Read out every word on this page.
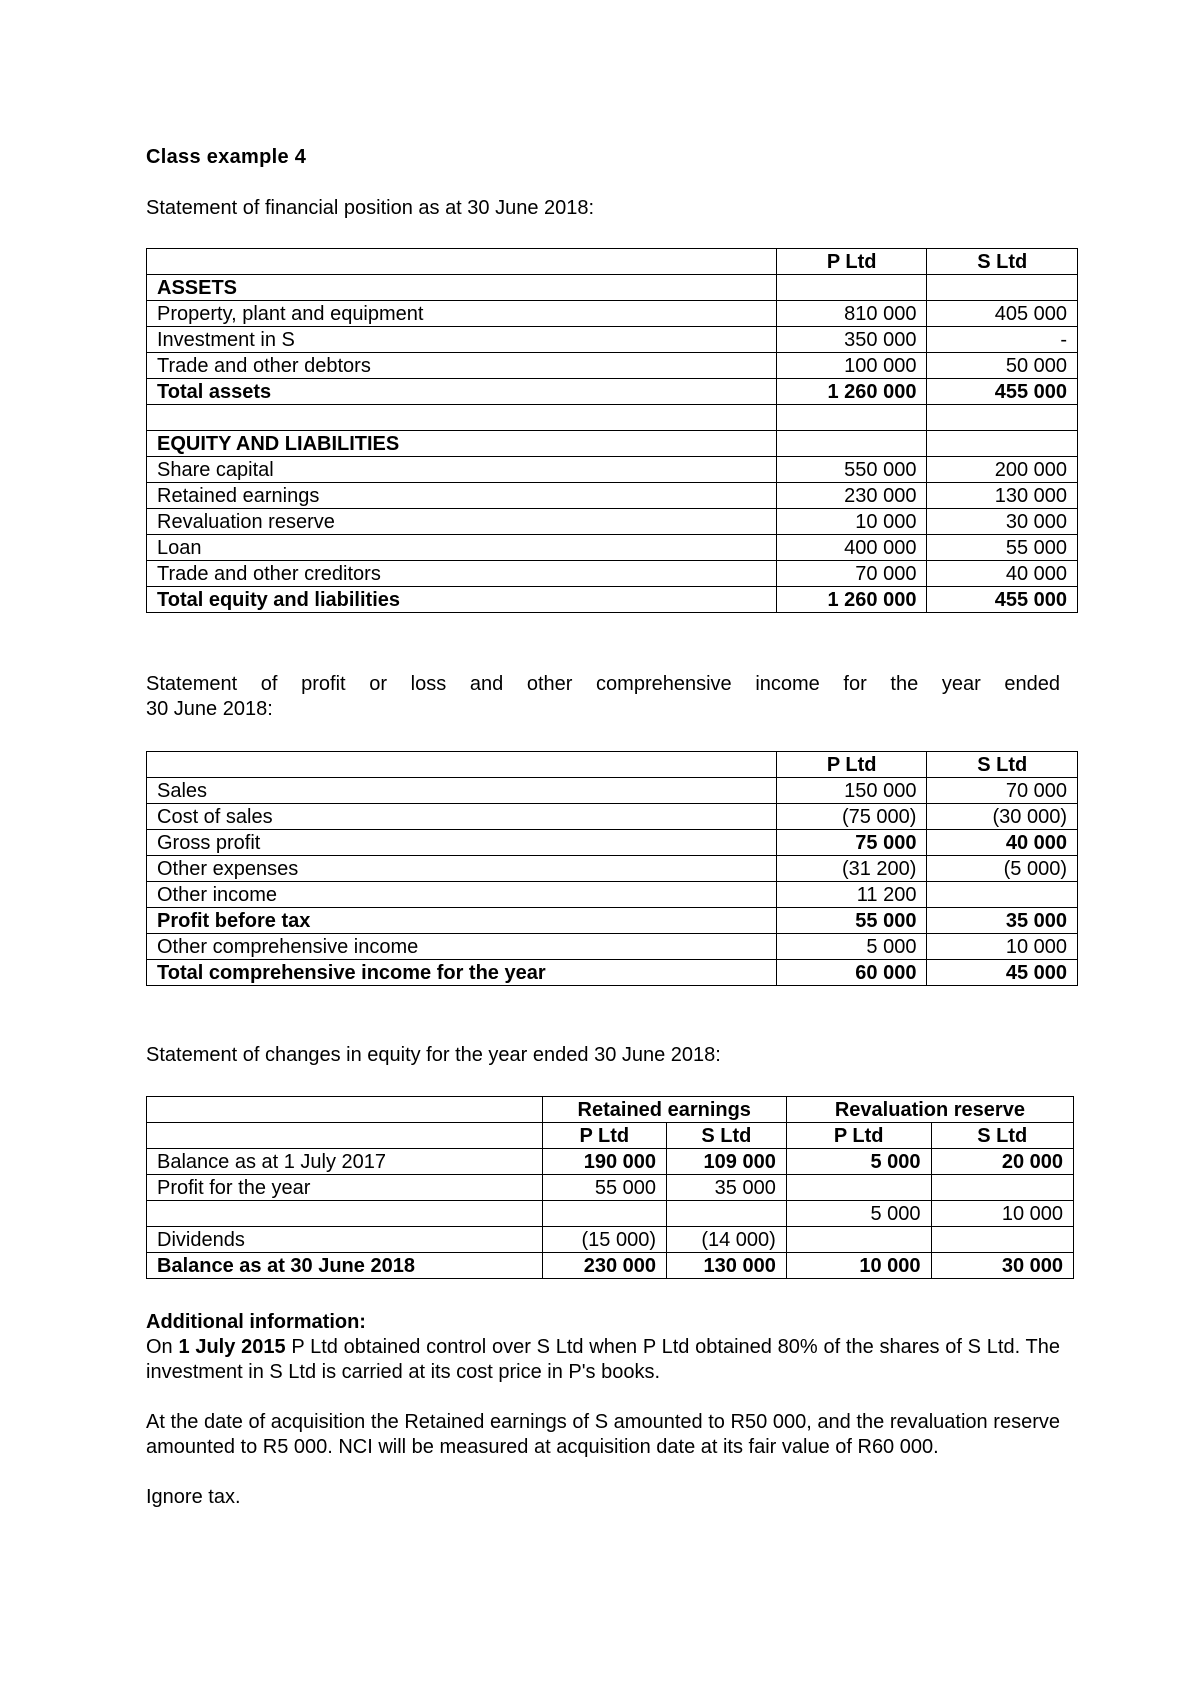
Class example 4
Statement of financial position as at 30 June 2018:
	P Ltd	S Ltd
ASSETS		
Property, plant and equipment	810 000	405 000
Investment in S	350 000	-
Trade and other debtors	100 000	50 000
Total assets	1 260 000	455 000

EQUITY AND LIABILITIES		
Share capital	550 000	200 000
Retained earnings	230 000	130 000
Revaluation reserve	10 000	30 000
Loan	400 000	55 000
Trade and other creditors	70 000	40 000
Total equity and liabilities	1 260 000	455 000
Statement of profit or loss and other comprehensive income for the year ended
30 June 2018:
	P Ltd	S Ltd
Sales	150 000	70 000
Cost of sales	(75 000)	(30 000)
Gross profit	75 000	40 000
Other expenses	(31 200)	(5 000)
Other income	11 200	
Profit before tax	55 000	35 000
Other comprehensive income	5 000	10 000
Total comprehensive income for the year	60 000	45 000
Statement of changes in equity for the year ended 30 June 2018:
	Retained earnings		Revaluation reserve	
	P Ltd	S Ltd	P Ltd	S Ltd
Balance as at 1 July 2017	190 000	109 000	5 000	20 000
Profit for the year	55 000	35 000		
			5 000	10 000
Dividends	(15 000)	(14 000)		
Balance as at 30 June 2018	230 000	130 000	10 000	30 000

Additional information:

On 1 July 2015 P Ltd obtained control over S Ltd when P Ltd obtained 80% of the shares of S Ltd. The investment in S Ltd is carried at its cost price in P's books.

At the date of acquisition the Retained earnings of S amounted to R50 000, and the revaluation reserve amounted to R5 000. NCI will be measured at acquisition date at its fair value of R60 000.

Ignore tax.
